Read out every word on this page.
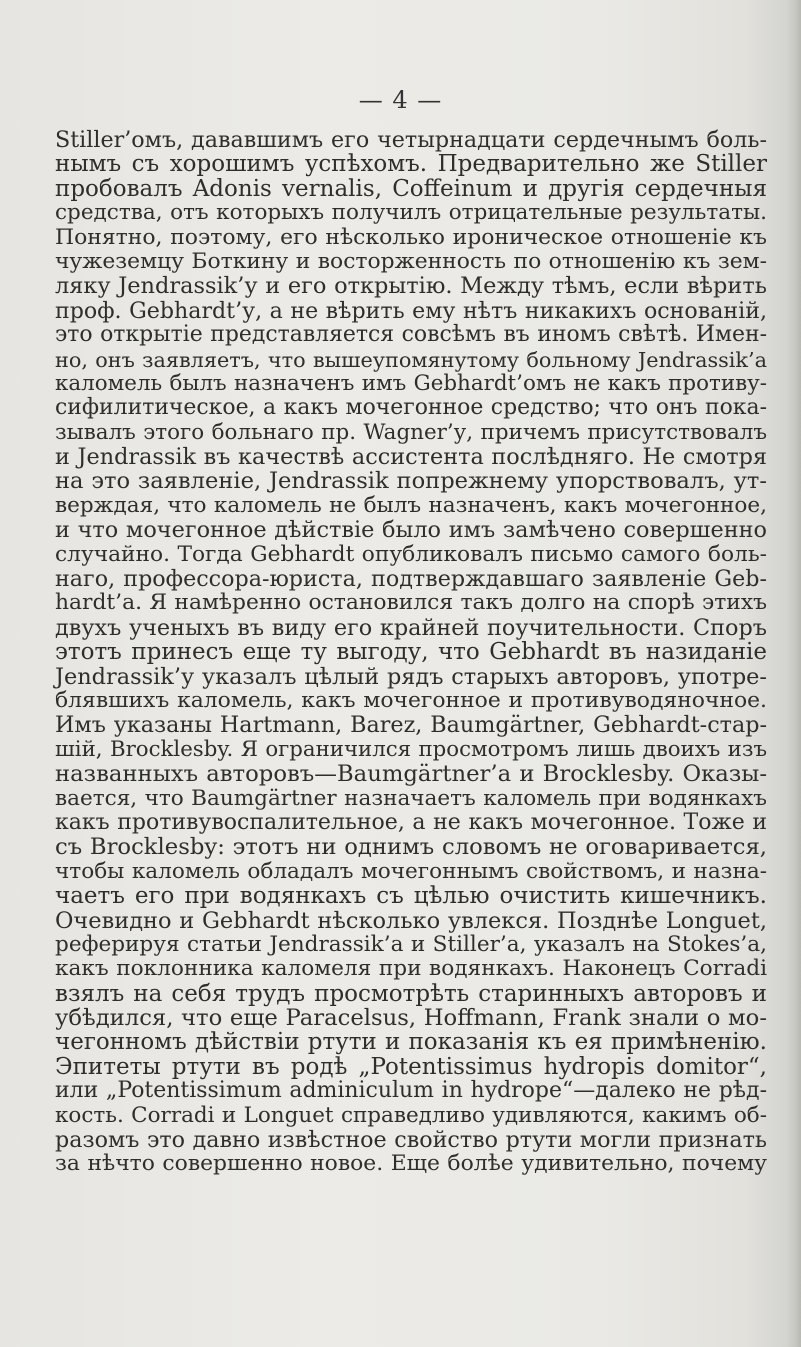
— 4 —
Stiller’омъ, дававшимъ его четырнадцати сердечнымъ боль-
нымъ съ хорошимъ успѣхомъ. Предварительно же Stiller
пробовалъ Adonis vernalis, Coffeinum и другія сердечныя
средства, отъ которыхъ получилъ отрицательные результаты.
Понятно, поэтому, его нѣсколько ироническое отношеніе къ
чужеземцу Боткину и восторженность по отношенію къ зем-
ляку Jendrassik’у и его открытію. Между тѣмъ, если вѣрить
проф. Gebhardt’у, а не вѣрить ему нѣтъ никакихъ основаній,
это открытіе представляется совсѣмъ въ иномъ свѣтѣ. Имен-
но, онъ заявляетъ, что вышеупомянутому больному Jendrassik’а
каломель былъ назначенъ имъ Gebhardt’омъ не какъ противу-
сифилитическое, а какъ мочегонное средство; что онъ пока-
зывалъ этого больнаго пр. Wagner’у, причемъ присутствовалъ
и Jendrassik въ качествѣ ассистента послѣдняго. Не смотря
на это заявленіе, Jendrassik попрежнему упорствовалъ, ут-
верждая, что каломель не былъ назначенъ, какъ мочегонное,
и что мочегонное дѣйствіе было имъ замѣчено совершенно
случайно. Тогда Gebhardt опубликовалъ письмо самого боль-
наго, профессора-юриста, подтверждавшаго заявленіе Geb-
hardt’а. Я намѣренно остановился такъ долго на спорѣ этихъ
двухъ ученыхъ въ виду его крайней поучительности. Споръ
этотъ принесъ еще ту выгоду, что Gebhardt въ назиданіе
Jendrassik’у указалъ цѣлый рядъ старыхъ авторовъ, употре-
блявшихъ каломель, какъ мочегонное и противуводяночное.
Имъ указаны Hartmann, Barez, Baumgärtner, Gebhardt-стар-
шій, Brocklesby. Я ограничился просмотромъ лишь двоихъ изъ
названныхъ авторовъ—Baumgärtner’а и Brocklesby. Оказы-
вается, что Baumgärtner назначаетъ каломель при водянкахъ
какъ противувоспалительное, а не какъ мочегонное. Тоже и
съ Brocklesby: этотъ ни однимъ словомъ не оговаривается,
чтобы каломель обладалъ мочегоннымъ свойствомъ, и назна-
чаетъ его при водянкахъ съ цѣлью очистить кишечникъ.
Очевидно и Gebhardt нѣсколько увлекся. Позднѣе Longuet,
реферируя статьи Jendrassik’а и Stiller’а, указалъ на Stokes’а,
какъ поклонника каломеля при водянкахъ. Наконецъ Corradi
взялъ на себя трудъ просмотрѣть старинныхъ авторовъ и
убѣдился, что еще Paracelsus, Hoffmann, Frank знали о мо-
чегонномъ дѣйствіи ртути и показанія къ ея примѣненію.
Эпитеты ртути въ родѣ „Potentissimus hydropis domitor“,
или „Potentissimum adminiculum in hydrope“—далеко не рѣд-
кость. Corradi и Longuet справедливо удивляются, какимъ об-
разомъ это давно извѣстное свойство ртути могли признать
за нѣчто совершенно новое. Еще болѣе удивительно, почему
